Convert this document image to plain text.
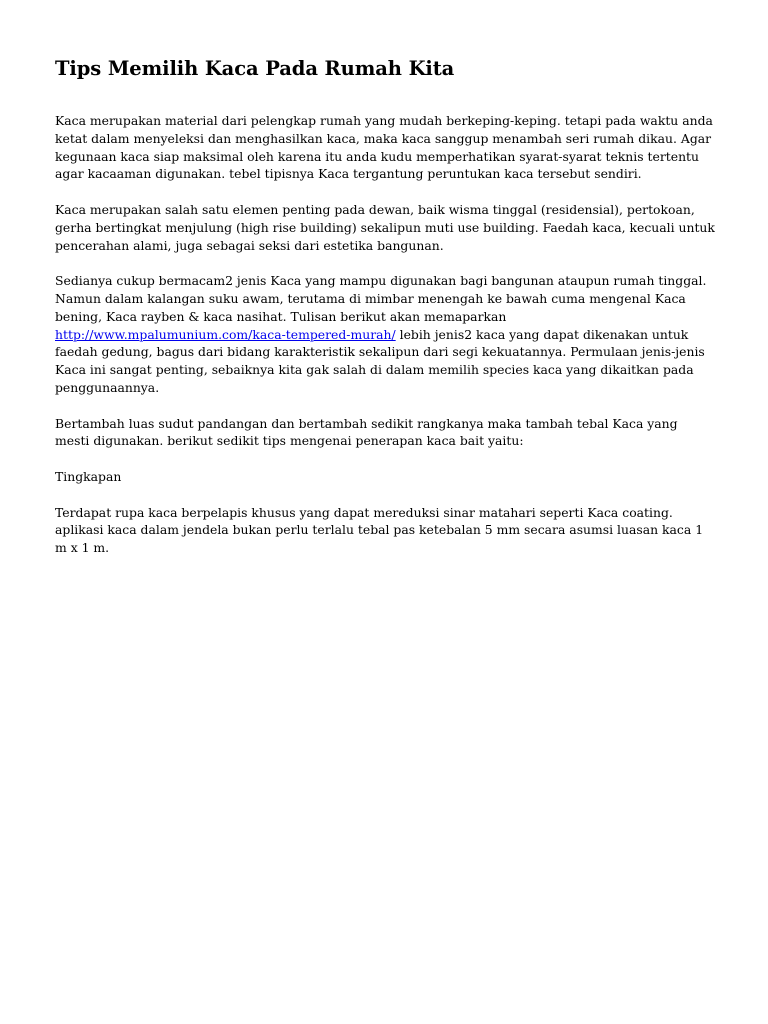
Tips Memilih Kaca Pada Rumah Kita

Kaca merupakan material dari pelengkap rumah yang mudah berkeping-keping. tetapi pada waktu anda ketat dalam menyeleksi dan menghasilkan kaca, maka kaca sanggup menambah seri rumah dikau. Agar kegunaan kaca siap maksimal oleh karena itu anda kudu memperhatikan syarat-syarat teknis tertentu agar kacaaman digunakan. tebel tipisnya Kaca tergantung peruntukan kaca tersebut sendiri.

Kaca merupakan salah satu elemen penting pada dewan, baik wisma tinggal (residensial), pertokoan, gerha bertingkat menjulung (high rise building) sekalipun muti use building. Faedah kaca, kecuali untuk pencerahan alami, juga sebagai seksi dari estetika bangunan.

Sedianya cukup bermacam2 jenis Kaca yang mampu digunakan bagi bangunan ataupun rumah tinggal. Namun dalam kalangan suku awam, terutama di mimbar menengah ke bawah cuma mengenal Kaca bening, Kaca rayben & kaca nasihat. Tulisan berikut akan memaparkan http://www.mpalumunium.com/kaca-tempered-murah/ lebih jenis2 kaca yang dapat dikenakan untuk faedah gedung, bagus dari bidang karakteristik sekalipun dari segi kekuatannya. Permulaan jenis-jenis Kaca ini sangat penting, sebaiknya kita gak salah di dalam memilih species kaca yang dikaitkan pada penggunaannya.

Bertambah luas sudut pandangan dan bertambah sedikit rangkanya maka tambah tebal Kaca yang mesti digunakan. berikut sedikit tips mengenai penerapan kaca bait yaitu:

Tingkapan

Terdapat rupa kaca berpelapis khusus yang dapat mereduksi sinar matahari seperti Kaca coating. aplikasi kaca dalam jendela bukan perlu terlalu tebal pas ketebalan 5 mm secara asumsi luasan kaca 1 m x 1 m.
